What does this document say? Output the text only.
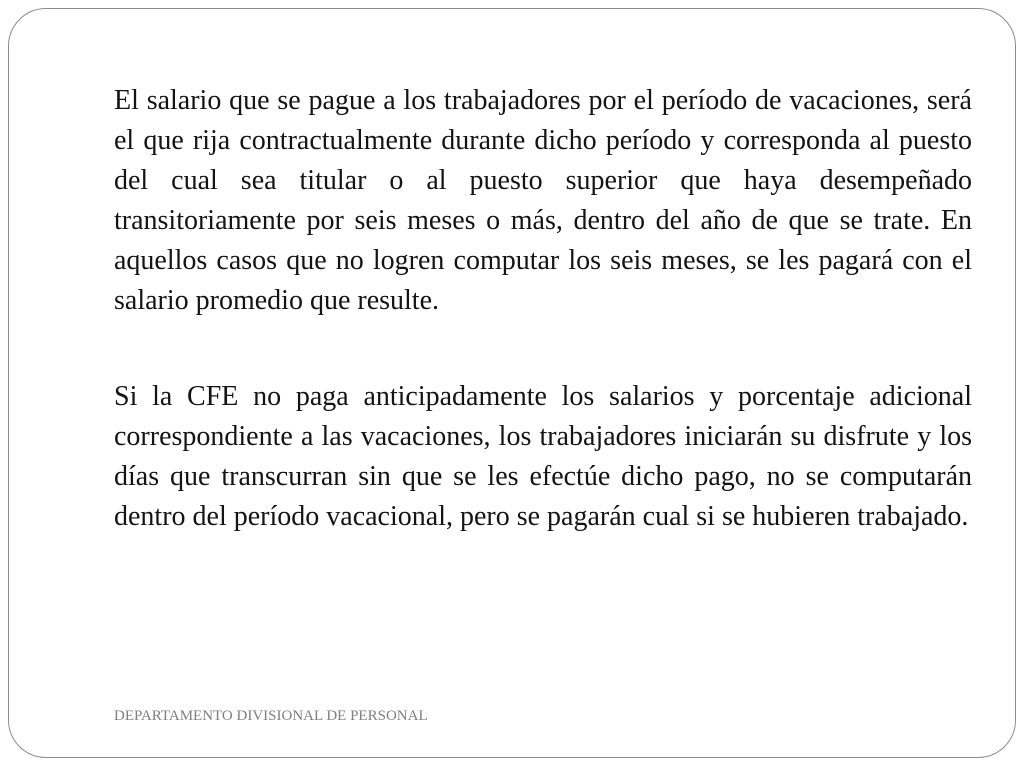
El salario que se pague a los trabajadores por el período de vacaciones, será el que rija contractualmente durante dicho período y corresponda al puesto del cual sea titular o al puesto superior que haya desempeñado transitoriamente por seis meses o más, dentro del año de que se trate. En aquellos casos que no logren computar los seis meses, se les pagará con el salario promedio que resulte.

Si la CFE no paga anticipadamente los salarios y porcentaje adicional correspondiente a las vacaciones, los trabajadores iniciarán su disfrute y los días que transcurran sin que se les efectúe dicho pago, no se computarán dentro del período vacacional, pero se pagarán cual si se hubieren trabajado.

DEPARTAMENTO DIVISIONAL DE PERSONAL
